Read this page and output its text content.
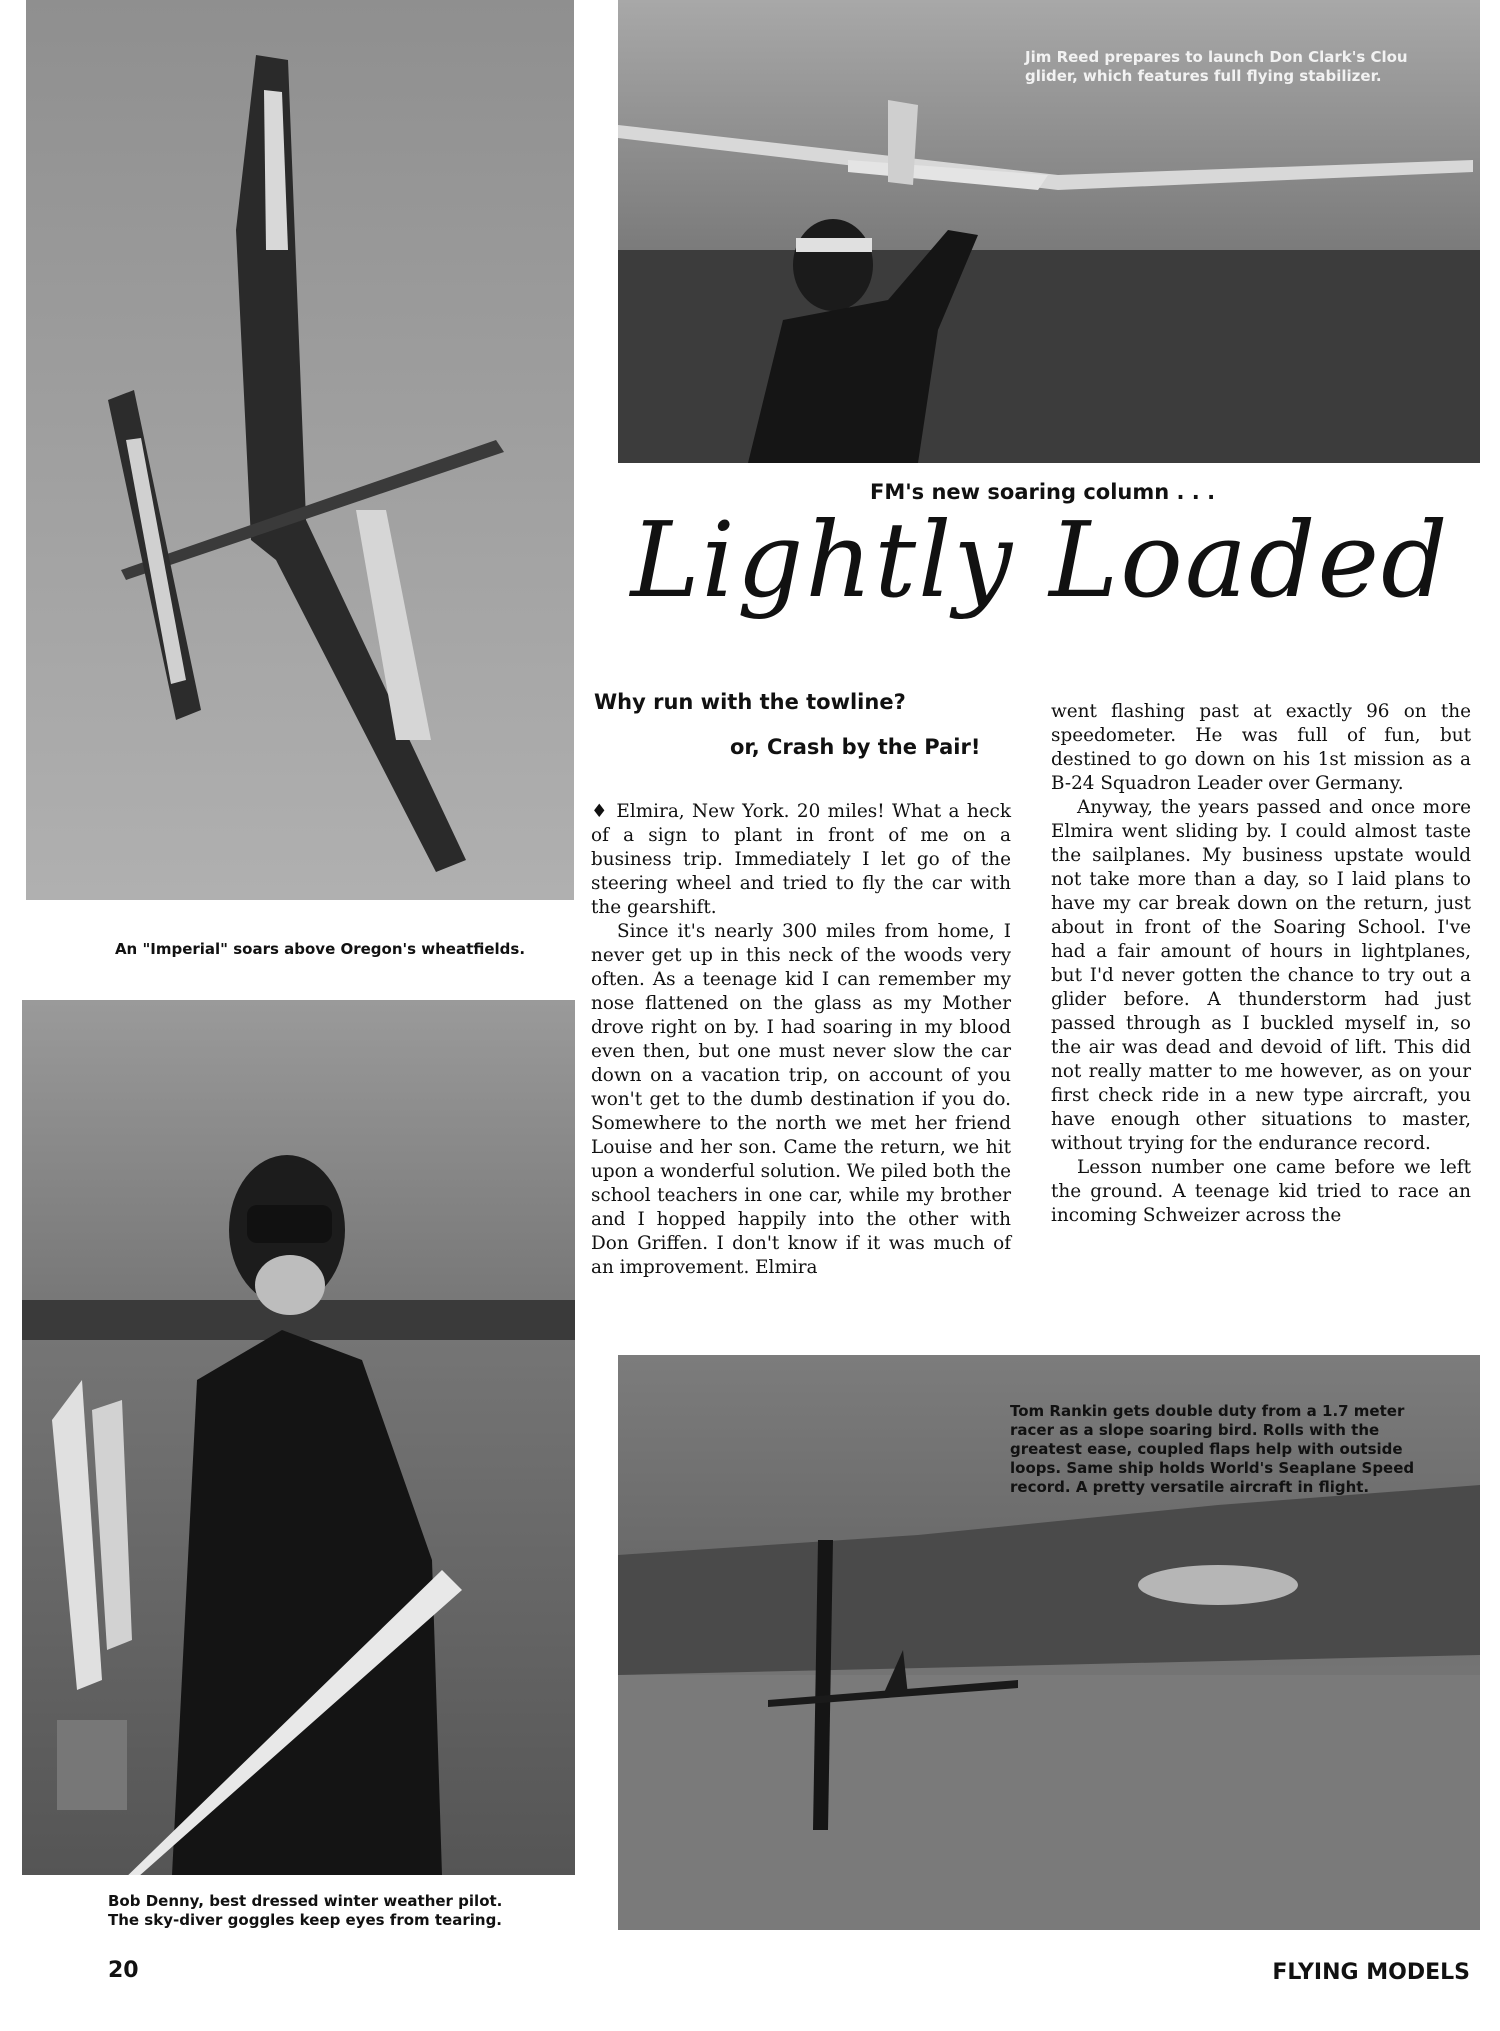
An "Imperial" soars above Oregon's wheatfields.
Jim Reed prepares to launch Don Clark's Clou
glider, which features full flying stabilizer.
FM's new soaring column . . .
Lightly Loaded
Bob Denny, best dressed winter weather pilot.
The sky-diver goggles keep eyes from tearing.
Why run with the towline?
or, Crash by the Pair!

♦ Elmira, New York. 20 miles! What a heck of a sign to plant in front of me on a business trip. Immediately I let go of the steering wheel and tried to fly the car with the gearshift.

Since it's nearly 300 miles from home, I never get up in this neck of the woods very often. As a teenage kid I can remember my nose flattened on the glass as my Mother drove right on by. I had soaring in my blood even then, but one must never slow the car down on a vacation trip, on account of you won't get to the dumb destination if you do. Somewhere to the north we met her friend Louise and her son. Came the return, we hit upon a wonderful solution. We piled both the school teachers in one car, while my brother and I hopped happily into the other with Don Griffen. I don't know if it was much of an improvement. Elmira

went flashing past at exactly 96 on the speedometer. He was full of fun, but destined to go down on his 1st mission as a B-24 Squadron Leader over Germany.

Anyway, the years passed and once more Elmira went sliding by. I could almost taste the sailplanes. My business upstate would not take more than a day, so I laid plans to have my car break down on the return, just about in front of the Soaring School. I've had a fair amount of hours in lightplanes, but I'd never gotten the chance to try out a glider before. A thunderstorm had just passed through as I buckled myself in, so the air was dead and devoid of lift. This did not really matter to me however, as on your first check ride in a new type aircraft, you have enough other situations to master, without trying for the endurance record.

Lesson number one came before we left the ground. A teenage kid tried to race an incoming Schweizer across the

Tom Rankin gets double duty from a 1.7 meter
racer as a slope soaring bird. Rolls with the
greatest ease, coupled flaps help with outside
loops. Same ship holds World's Seaplane Speed
record. A pretty versatile aircraft in flight.
20	FLYING MODELS
